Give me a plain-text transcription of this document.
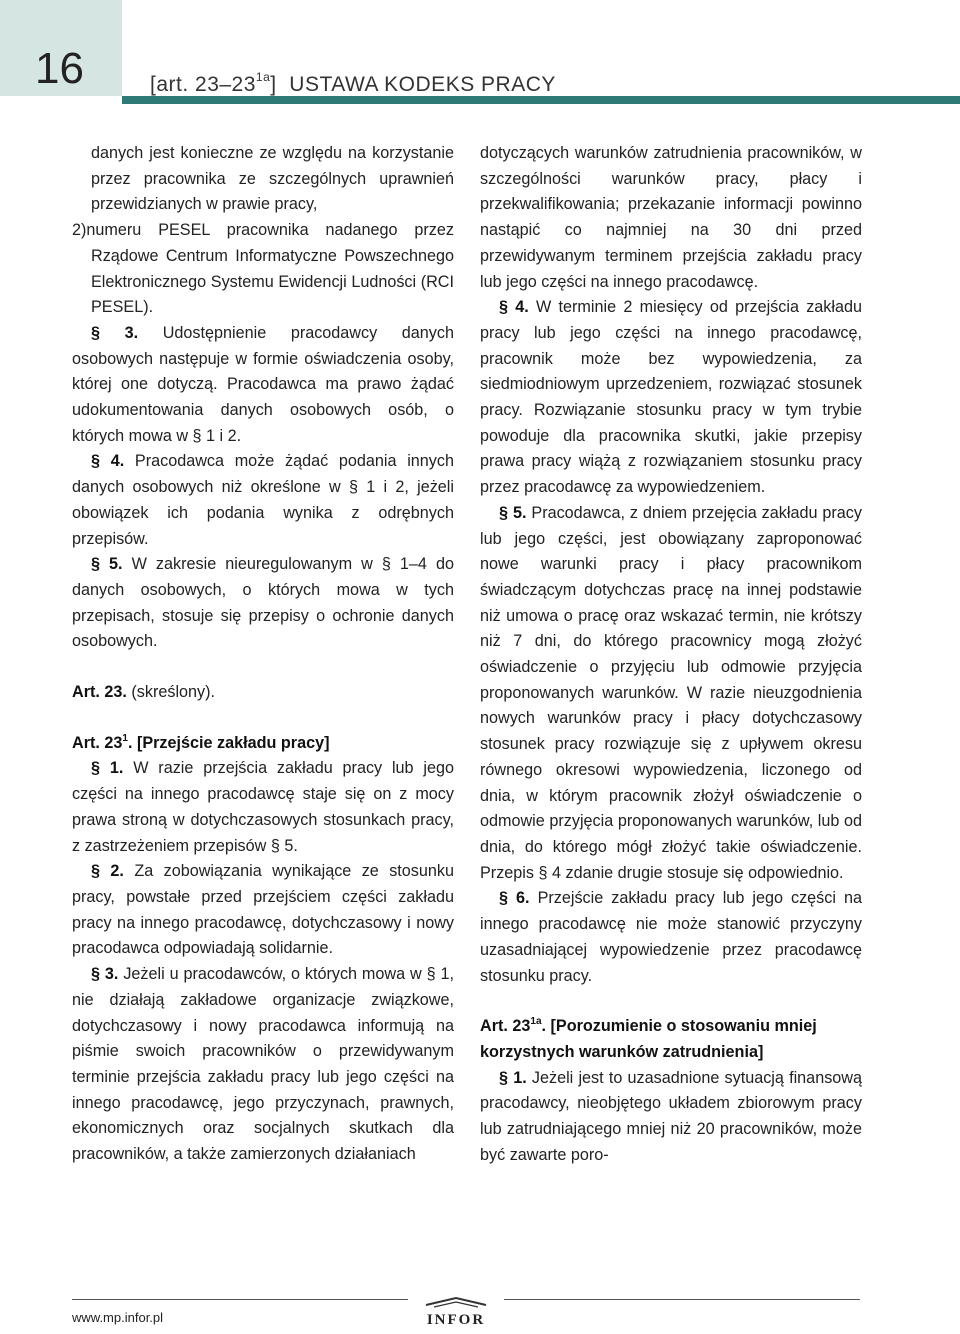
16	[art. $23-23^{1a}$] USTAWA KODEKS PRACY

danych jest konieczne ze względu na korzystanie przez pracownika ze szczególnych uprawnień przewidzianych w prawie pracy,

2)numeru PESEL pracownika nadanego przez Rządowe Centrum Informatyczne Powszechnego Elektronicznego Systemu Ewidencji Ludności (RCI PESEL).

§ 3. Udostępnienie pracodawcy danych osobowych następuje w formie oświadczenia osoby, której one dotyczą. Pracodawca ma prawo żądać udokumentowania danych osobowych osób, o których mowa w § 1 i 2.

§ 4. Pracodawca może żądać podania innych danych osobowych niż określone w § 1 i 2, jeżeli obowiązek ich podania wynika z odrębnych przepisów.

§ 5. W zakresie nieuregulowanym w § 1–4 do danych osobowych, o których mowa w tych przepisach, stosuje się przepisy o ochronie danych osobowych.

Art. 23. (skreślony).

Art. $23^1$. [Przejście zakładu pracy]

§ 1. W razie przejścia zakładu pracy lub jego części na innego pracodawcę staje się on z mocy prawa stroną w dotychczasowych stosunkach pracy, z zastrzeżeniem przepisów § 5.

§ 2. Za zobowiązania wynikające ze stosunku pracy, powstałe przed przejściem części zakładu pracy na innego pracodawcę, dotychczasowy i nowy pracodawca odpowiadają solidarnie.

§ 3. Jeżeli u pracodawców, o których mowa w § 1, nie działają zakładowe organizacje związkowe, dotychczasowy i nowy pracodawca informują na piśmie swoich pracowników o przewidywanym terminie przejścia zakładu pracy lub jego części na innego pracodawcę, jego przyczynach, prawnych, ekonomicznych oraz socjalnych skutkach dla pracowników, a także zamierzonych działaniach

dotyczących warunków zatrudnienia pracowników, w szczególności warunków pracy, płacy i przekwalifikowania; przekazanie informacji powinno nastąpić co najmniej na 30 dni przed przewidywanym terminem przejścia zakładu pracy lub jego części na innego pracodawcę.

§ 4. W terminie 2 miesięcy od przejścia zakładu pracy lub jego części na innego pracodawcę, pracownik może bez wypowiedzenia, za siedmiodniowym uprzedzeniem, rozwiązać stosunek pracy. Rozwiązanie stosunku pracy w tym trybie powoduje dla pracownika skutki, jakie przepisy prawa pracy wiążą z rozwiązaniem stosunku pracy przez pracodawcę za wypowiedzeniem.

§ 5. Pracodawca, z dniem przejęcia zakładu pracy lub jego części, jest obowiązany zaproponować nowe warunki pracy i płacy pracownikom świadczącym dotychczas pracę na innej podstawie niż umowa o pracę oraz wskazać termin, nie krótszy niż 7 dni, do którego pracownicy mogą złożyć oświadczenie o przyjęciu lub odmowie przyjęcia proponowanych warunków. W razie nieuzgodnienia nowych warunków pracy i płacy dotychczasowy stosunek pracy rozwiązuje się z upływem okresu równego okresowi wypowiedzenia, liczonego od dnia, w którym pracownik złożył oświadczenie o odmowie przyjęcia proponowanych warunków, lub od dnia, do którego mógł złożyć takie oświadczenie. Przepis § 4 zdanie drugie stosuje się odpowiednio.

§ 6. Przejście zakładu pracy lub jego części na innego pracodawcę nie może stanowić przyczyny uzasadniającej wypowiedzenie przez pracodawcę stosunku pracy.

Art. $23^{1a}$. [Porozumienie o stosowaniu mniej korzystnych warunków zatrudnienia]

§ 1. Jeżeli jest to uzasadnione sytuacją finansową pracodawcy, nieobjętego układem zbiorowym pracy lub zatrudniającego mniej niż 20 pracowników, może być zawarte poro-

www.mp.infor.pl	INFOR
